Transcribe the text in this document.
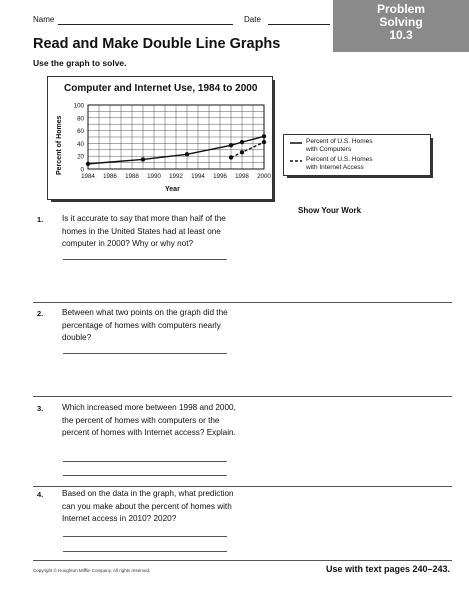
Name	Date
Problem
Solving
10.3
Read and Make Double Line Graphs
Use the graph to solve.
Computer and Internet Use, 1984 to 2000
Percent of Homes
Year
0
20
40
60
80
100
1984 1986 1988 1990 1992 1994 1996 1998 2000
Percent of U.S. Homes
with Computers
Percent of U.S. Homes
with Internet Access
Show Your Work
1. Is it accurate to say that more than half of the homes in the United States had at least one computer in 2000? Why or why not?
2. Between what two points on the graph did the percentage of homes with computers nearly double?
3. Which increased more between 1998 and 2000, the percent of homes with computers or the percent of homes with Internet access? Explain.
4. Based on the data in the graph, what prediction can you make about the percent of homes with Internet access in 2010? 2020?
Copyright © Houghton Mifflin Company. All rights reserved.	Use with text pages 240–243.
